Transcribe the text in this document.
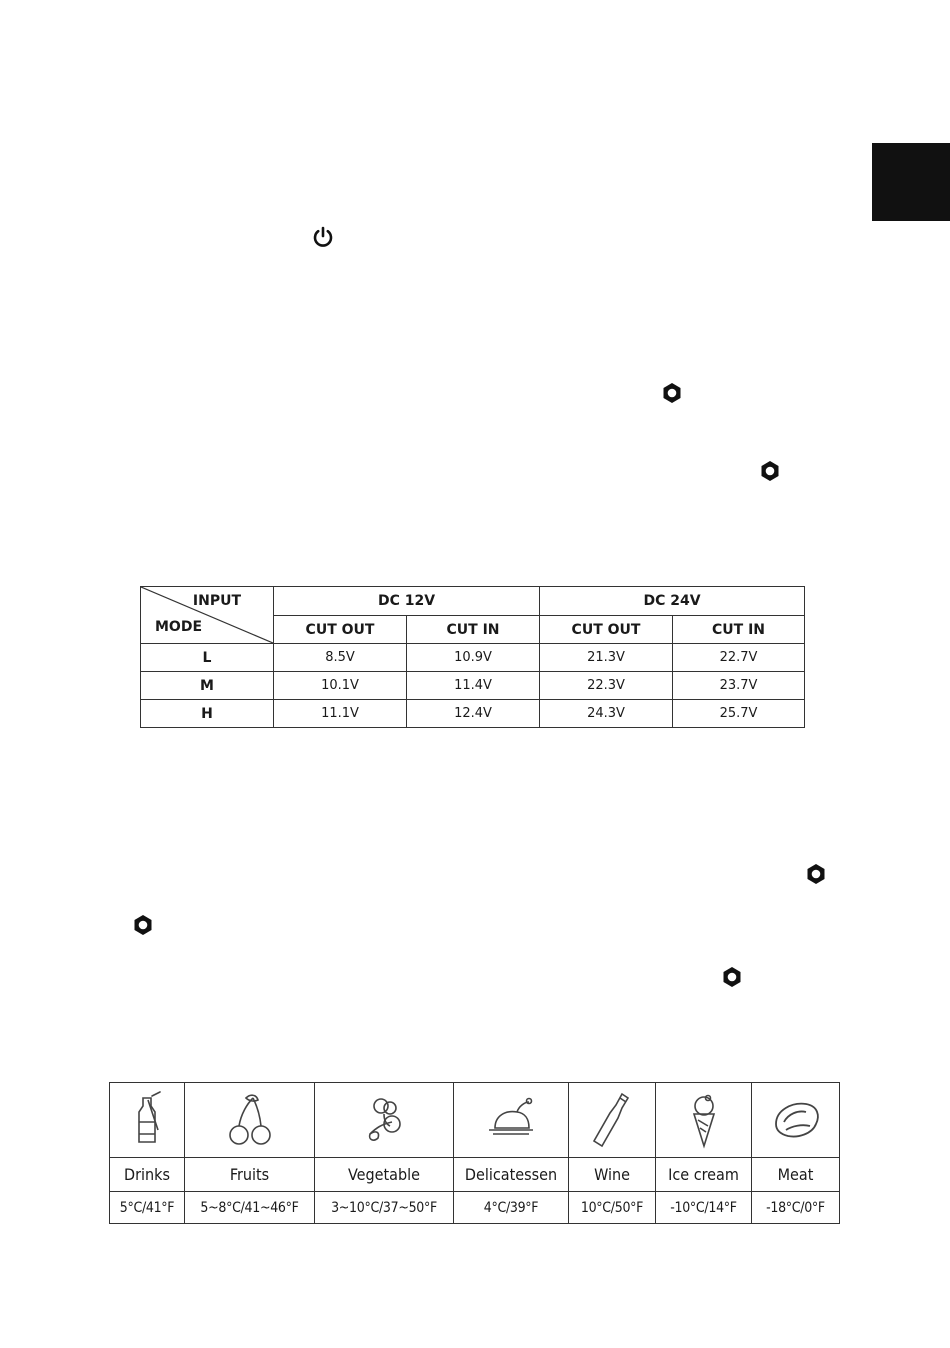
INPUT
MODE	DC 12V		DC 24V	
	CUT OUT	CUT IN	CUT OUT	CUT IN
L	8.5V	10.9V	21.3V	22.7V
M	10.1V	11.4V	22.3V	23.7V
H	11.1V	12.4V	24.3V	25.7V

Drinks	Fruits	Vegetable	Delicatessen	Wine	Ice cream	Meat
5°C/41°F	5~8°C/41~46°F	3~10°C/37~50°F	4°C/39°F	10°C/50°F	-10°C/14°F	-18°C/0°F
